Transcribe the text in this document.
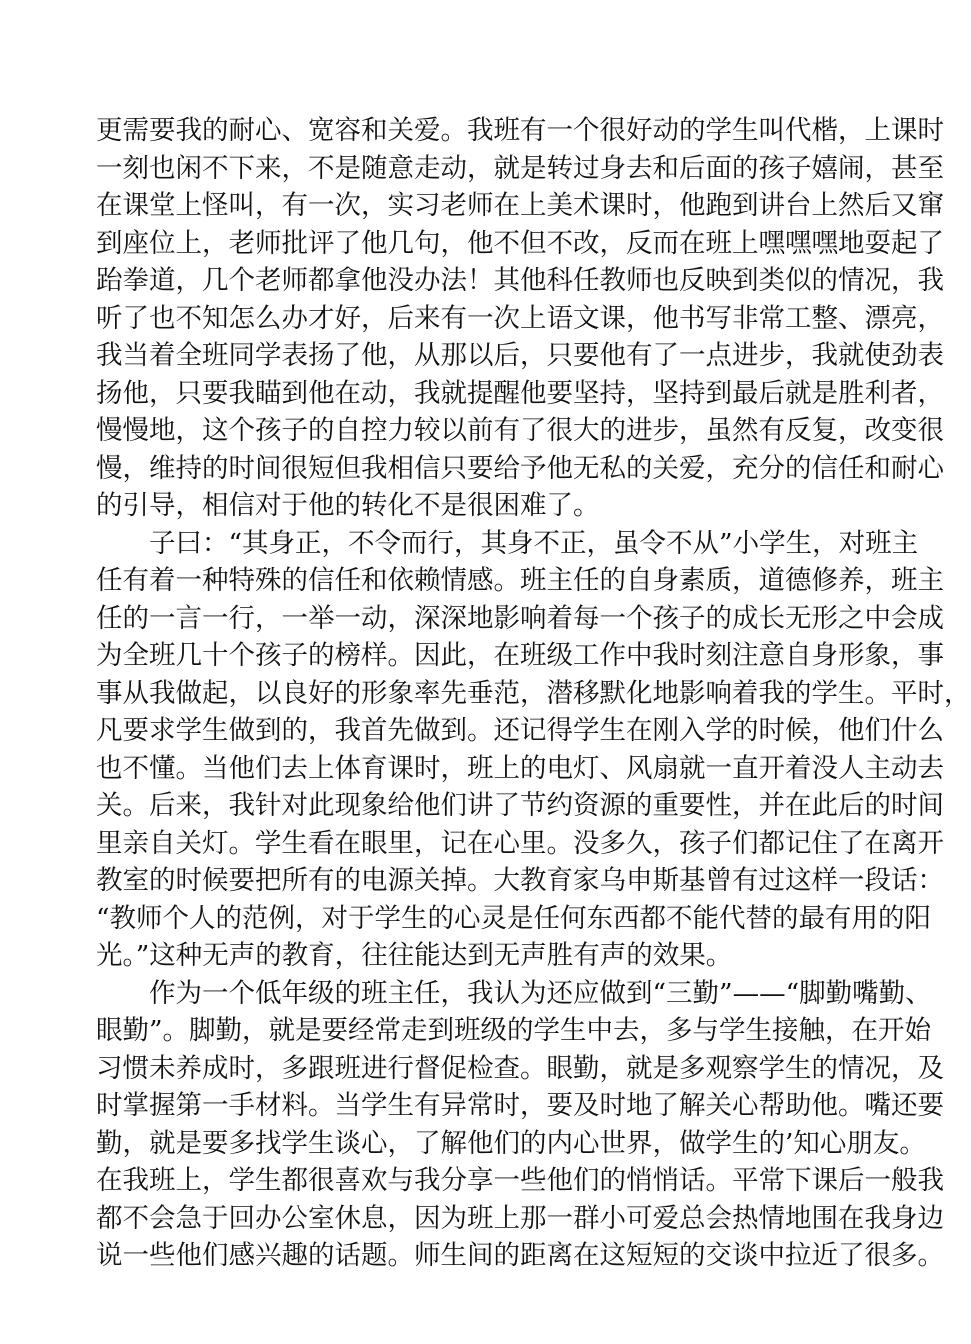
更需要我的耐心、宽容和关爱。我班有一个很好动的学生叫代楷，上课时
一刻也闲不下来，不是随意走动，就是转过身去和后面的孩子嬉闹，甚至
在课堂上怪叫，有一次，实习老师在上美术课时，他跑到讲台上然后又窜
到座位上，老师批评了他几句，他不但不改，反而在班上嘿嘿嘿地耍起了
跆拳道，几个老师都拿他没办法！其他科任教师也反映到类似的情况，我
听了也不知怎么办才好，后来有一次上语文课，他书写非常工整、漂亮，
我当着全班同学表扬了他，从那以后，只要他有了一点进步，我就使劲表
扬他，只要我瞄到他在动，我就提醒他要坚持，坚持到最后就是胜利者，
慢慢地，这个孩子的自控力较以前有了很大的进步，虽然有反复，改变很
慢，维持的时间很短但我相信只要给予他无私的关爱，充分的信任和耐心
的引导，相信对于他的转化不是很困难了。
子曰：“其身正，不令而行，其身不正，虽令不从”小学生，对班主
任有着一种特殊的信任和依赖情感。班主任的自身素质，道德修养，班主
任的一言一行，一举一动，深深地影响着每一个孩子的成长无形之中会成
为全班几十个孩子的榜样。因此，在班级工作中我时刻注意自身形象，事
事从我做起，以良好的形象率先垂范，潜移默化地影响着我的学生。平时，
凡要求学生做到的，我首先做到。还记得学生在刚入学的时候，他们什么
也不懂。当他们去上体育课时，班上的电灯、风扇就一直开着没人主动去
关。后来，我针对此现象给他们讲了节约资源的重要性，并在此后的时间
里亲自关灯。学生看在眼里，记在心里。没多久，孩子们都记住了在离开
教室的时候要把所有的电源关掉。大教育家乌申斯基曾有过这样一段话：
“教师个人的范例，对于学生的心灵是任何东西都不能代替的最有用的阳
光。”这种无声的教育，往往能达到无声胜有声的效果。
作为一个低年级的班主任，我认为还应做到“三勤”——“脚勤嘴勤、
眼勤”。脚勤，就是要经常走到班级的学生中去，多与学生接触，在开始
习惯未养成时，多跟班进行督促检查。眼勤，就是多观察学生的情况，及
时掌握第一手材料。当学生有异常时，要及时地了解关心帮助他。嘴还要
勤，就是要多找学生谈心，了解他们的内心世界，做学生的’知心朋友。
在我班上，学生都很喜欢与我分享一些他们的悄悄话。平常下课后一般我
都不会急于回办公室休息，因为班上那一群小可爱总会热情地围在我身边
说一些他们感兴趣的话题。师生间的距离在这短短的交谈中拉近了很多。
